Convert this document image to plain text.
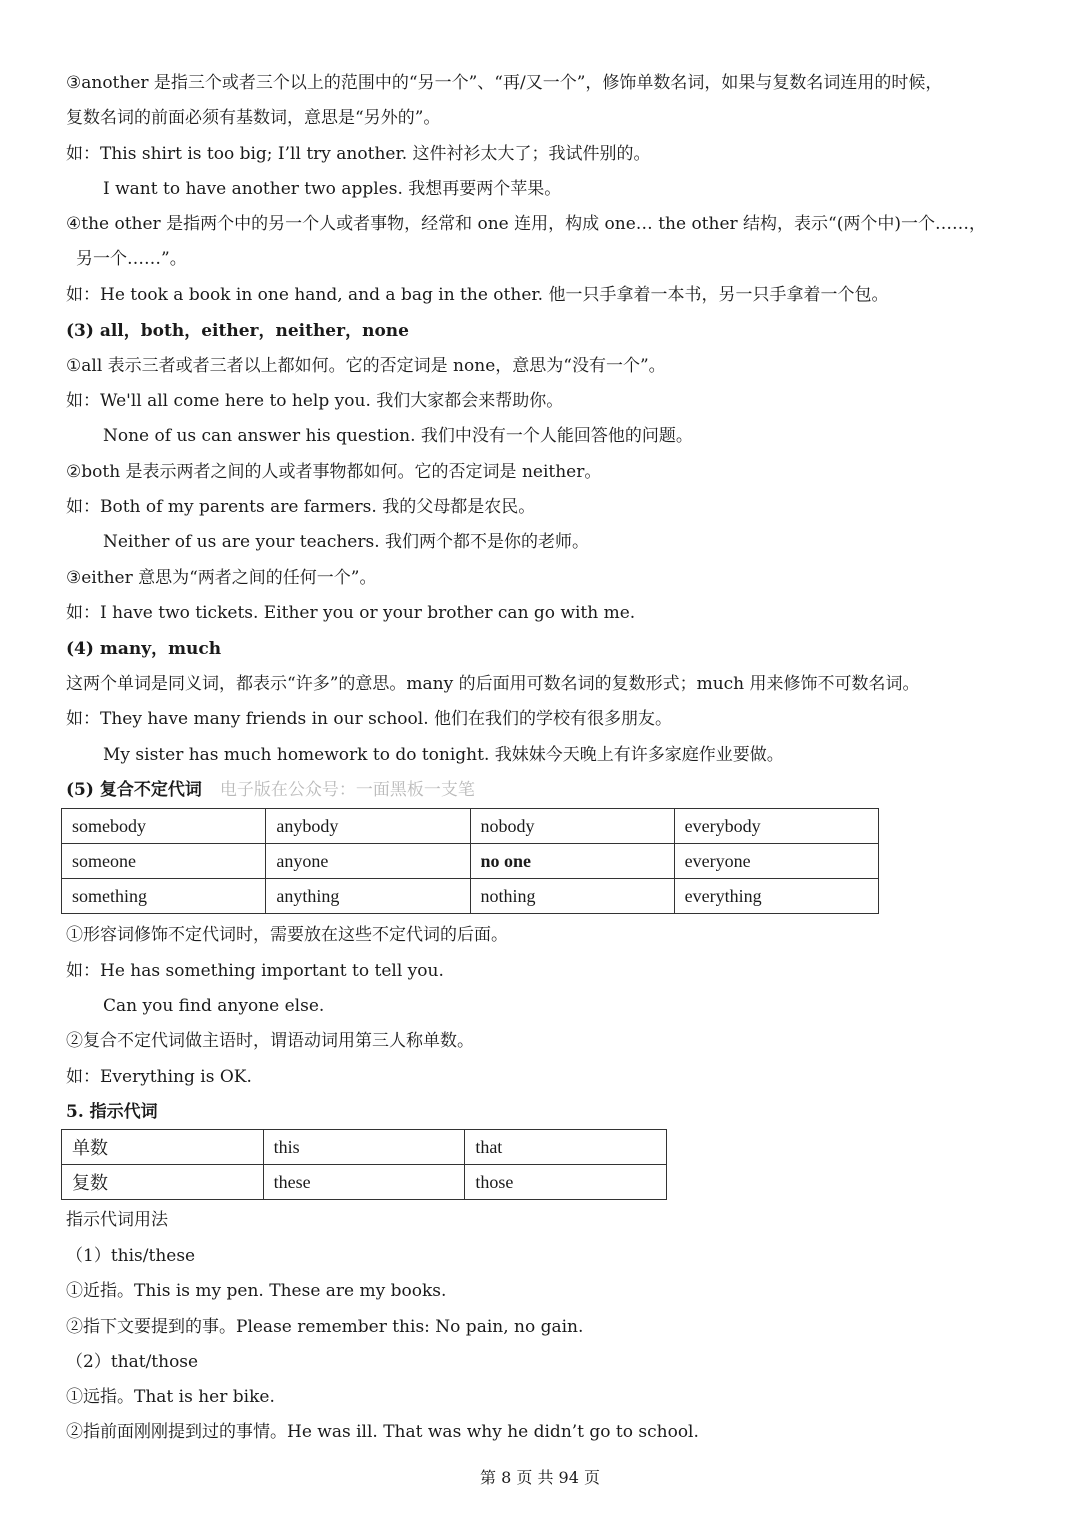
③another 是指三个或者三个以上的范围中的“另一个”、“再/又一个”，修饰单数名词，如果与复数名词连用的时候，
复数名词的前面必须有基数词，意思是“另外的”。
如：This shirt is too big; I’ll try another. 这件衬衫太大了；我试件别的。
I want to have another two apples. 我想再要两个苹果。
④the other 是指两个中的另一个人或者事物，经常和 one 连用，构成 one… the other 结构，表示“(两个中)一个……，
另一个……”。
如：He took a book in one hand, and a bag in the other. 他一只手拿着一本书，另一只手拿着一个包。
(3) all，both，either，neither，none
①all 表示三者或者三者以上都如何。它的否定词是 none，意思为“没有一个”。
如：We'll all come here to help you. 我们大家都会来帮助你。
None of us can answer his question. 我们中没有一个人能回答他的问题。
②both 是表示两者之间的人或者事物都如何。它的否定词是 neither。
如：Both of my parents are farmers. 我的父母都是农民。
Neither of us are your teachers. 我们两个都不是你的老师。
③either 意思为“两者之间的任何一个”。
如：I have two tickets. Either you or your brother can go with me.
(4) many，much
这两个单词是同义词，都表示“许多”的意思。many 的后面用可数名词的复数形式；much 用来修饰不可数名词。
如：They have many friends in our school. 他们在我们的学校有很多朋友。
My sister has much homework to do tonight. 我妹妹今天晚上有许多家庭作业要做。
(5) 复合不定代词 电子版在公众号：一面黑板一支笔
somebody	anybody	nobody	everybody
someone	anyone	no one	everyone
something	anything	nothing	everything
①形容词修饰不定代词时，需要放在这些不定代词的后面。
如：He has something important to tell you.
Can you find anyone else.
②复合不定代词做主语时，谓语动词用第三人称单数。
如：Everything is OK.
5. 指示代词
单数	this	that
复数	these	those
指示代词用法
（1）this/these
①近指。This is my pen. These are my books.
②指下文要提到的事。Please remember this: No pain, no gain.
（2）that/those
①远指。That is her bike.
②指前面刚刚提到过的事情。He was ill. That was why he didn’t go to school.
第 8 页 共 94 页
